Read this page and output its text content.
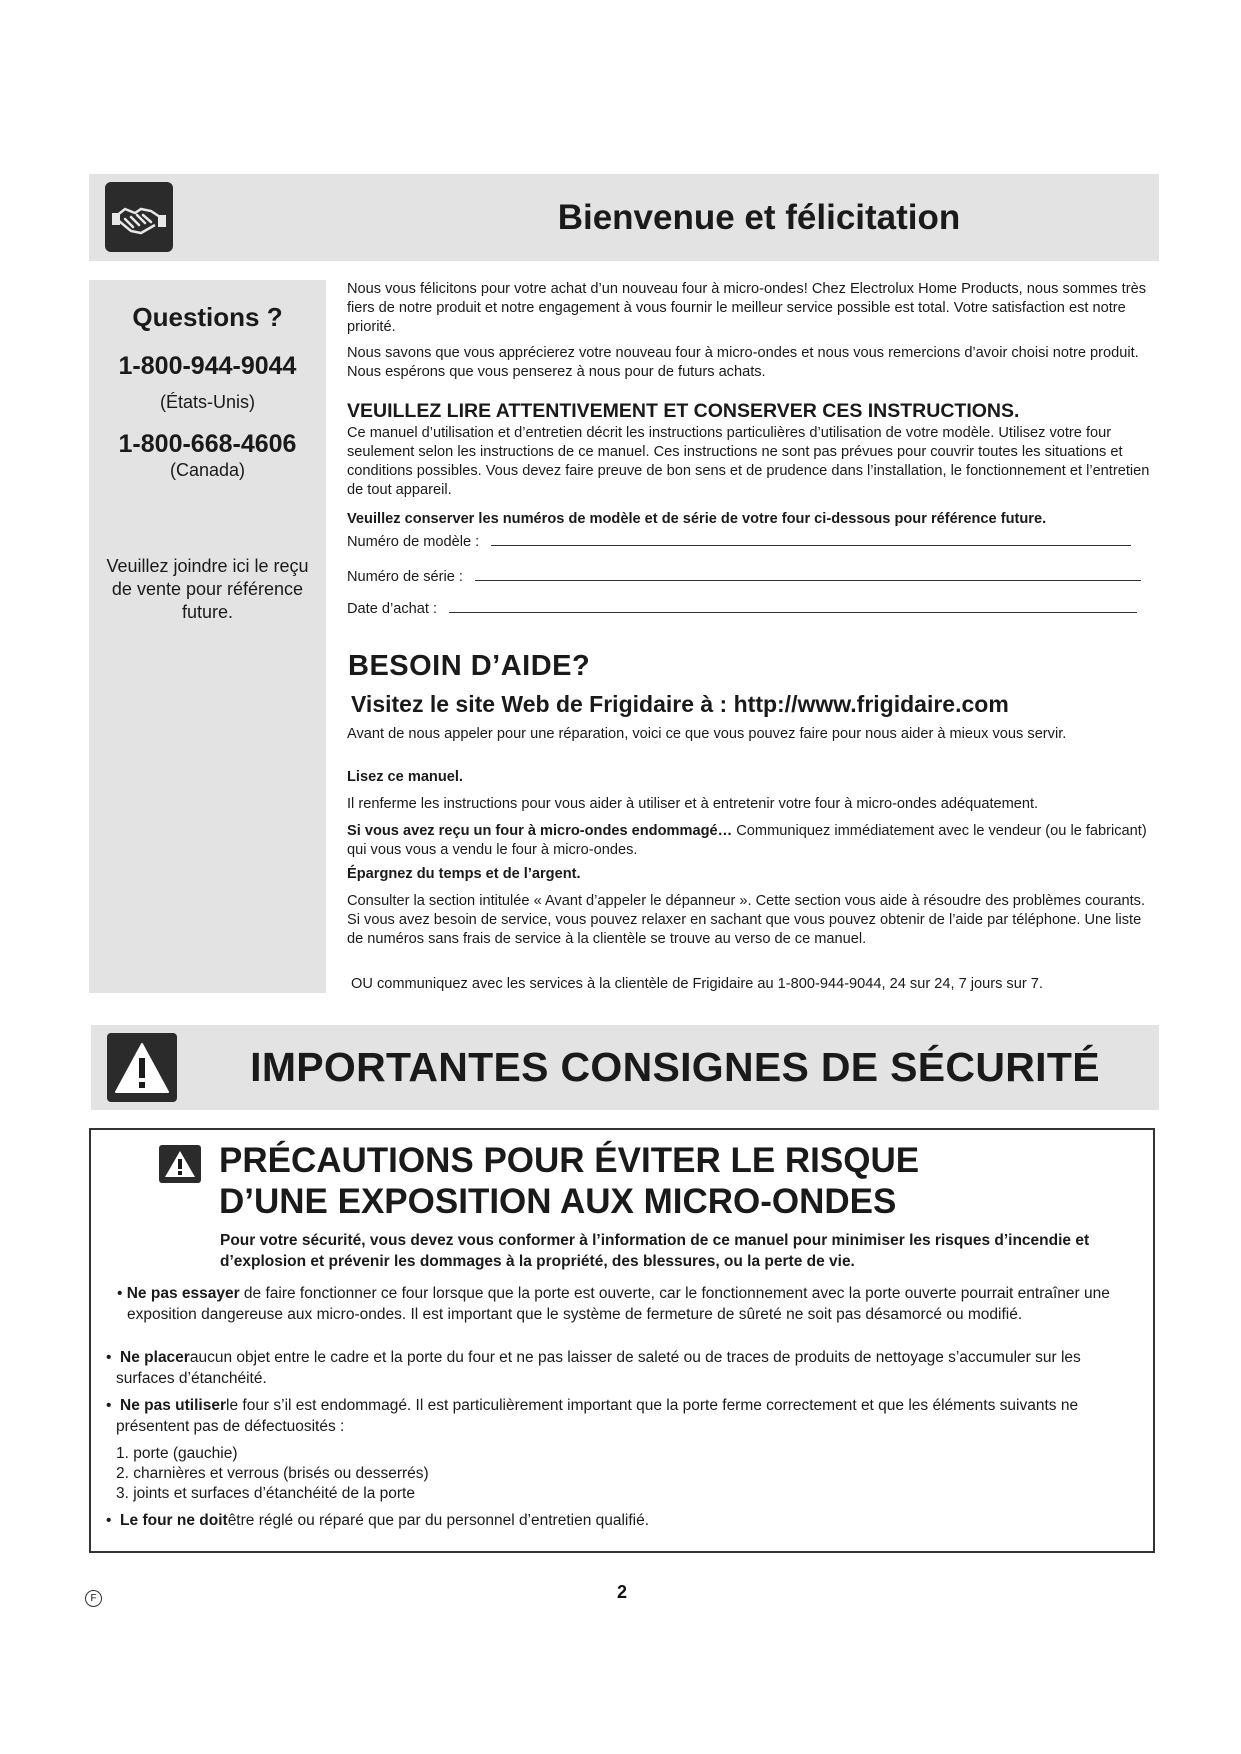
Bienvenue et félicitation
Questions ?
1-800-944-9044
(États-Unis)
1-800-668-4606
(Canada)
Veuillez joindre ici le reçu de vente pour référence future.

Nous vous félicitons pour votre achat d’un nouveau four à micro-ondes! Chez Electrolux Home Products, nous sommes très fiers de notre produit et notre engagement à vous fournir le meilleur service possible est total. Votre satisfaction est notre priorité.

Nous savons que vous apprécierez votre nouveau four à micro-ondes et nous vous remercions d’avoir choisi notre produit. Nous espérons que vous penserez à nous pour de futurs achats.

VEUILLEZ LIRE ATTENTIVEMENT ET CONSERVER CES INSTRUCTIONS.

Ce manuel d’utilisation et d’entretien décrit les instructions particulières d’utilisation de votre modèle. Utilisez votre four seulement selon les instructions de ce manuel. Ces instructions ne sont pas prévues pour couvrir toutes les situations et conditions possibles. Vous devez faire preuve de bon sens et de prudence dans l’installation, le fonctionnement et l’entretien de tout appareil.

Veuillez conserver les numéros de modèle et de série de votre four ci-dessous pour référence future.

Numéro de modèle :
Numéro de série :
Date d’achat :
BESOIN D’AIDE?
Visitez le site Web de Frigidaire à : http://www.frigidaire.com

Avant de nous appeler pour une réparation, voici ce que vous pouvez faire pour nous aider à mieux vous servir.

Lisez ce manuel.

Il renferme les instructions pour vous aider à utiliser et à entretenir votre four à micro-ondes adéquatement.

Si vous avez reçu un four à micro-ondes endommagé… Communiquez immédiatement avec le vendeur (ou le fabricant) qui vous vous a vendu le four à micro-ondes.

Épargnez du temps et de l’argent.

Consulter la section intitulée « Avant d’appeler le dépanneur ». Cette section vous aide à résoudre des problèmes courants. Si vous avez besoin de service, vous pouvez relaxer en sachant que vous pouvez obtenir de l’aide par téléphone. Une liste de numéros sans frais de service à la clientèle se trouve au verso de ce manuel.

OU communiquez avec les services à la clientèle de Frigidaire au 1-800-944-9044, 24 sur 24, 7 jours sur 7.

IMPORTANTES CONSIGNES DE SÉCURITÉ
PRÉCAUTIONS POUR ÉVITER LE RISQUE
D’UNE EXPOSITION AUX MICRO-ONDES

Pour votre sécurité, vous devez vous conformer à l’information de ce manuel pour minimiser les risques d’incendie et d’explosion et prévenir les dommages à la propriété, des blessures, ou la perte de vie.

• Ne pas essayer de faire fonctionner ce four lorsque que la porte est ouverte, car le fonctionnement avec la porte ouverte pourrait entraîner une exposition dangereuse aux micro-ondes. Il est important que le système de fermeture de sûreté ne soit pas désamorcé ou modifié.

•  Ne placeraucun objet entre le cadre et la porte du four et ne pas laisser de saleté ou de traces de produits de nettoyage s’accumuler sur les surfaces d’étanchéité.

•  Ne pas utiliserle four s’il est endommagé. Il est particulièrement important que la porte ferme correctement et que les éléments suivants ne présentent pas de défectuosités :

1. porte (gauchie)

2. charnières et verrous (brisés ou desserrés)

3. joints et surfaces d’étanchéité de la porte

•  Le four ne doitêtre réglé ou réparé que par du personnel d’entretien qualifié.

F	2
